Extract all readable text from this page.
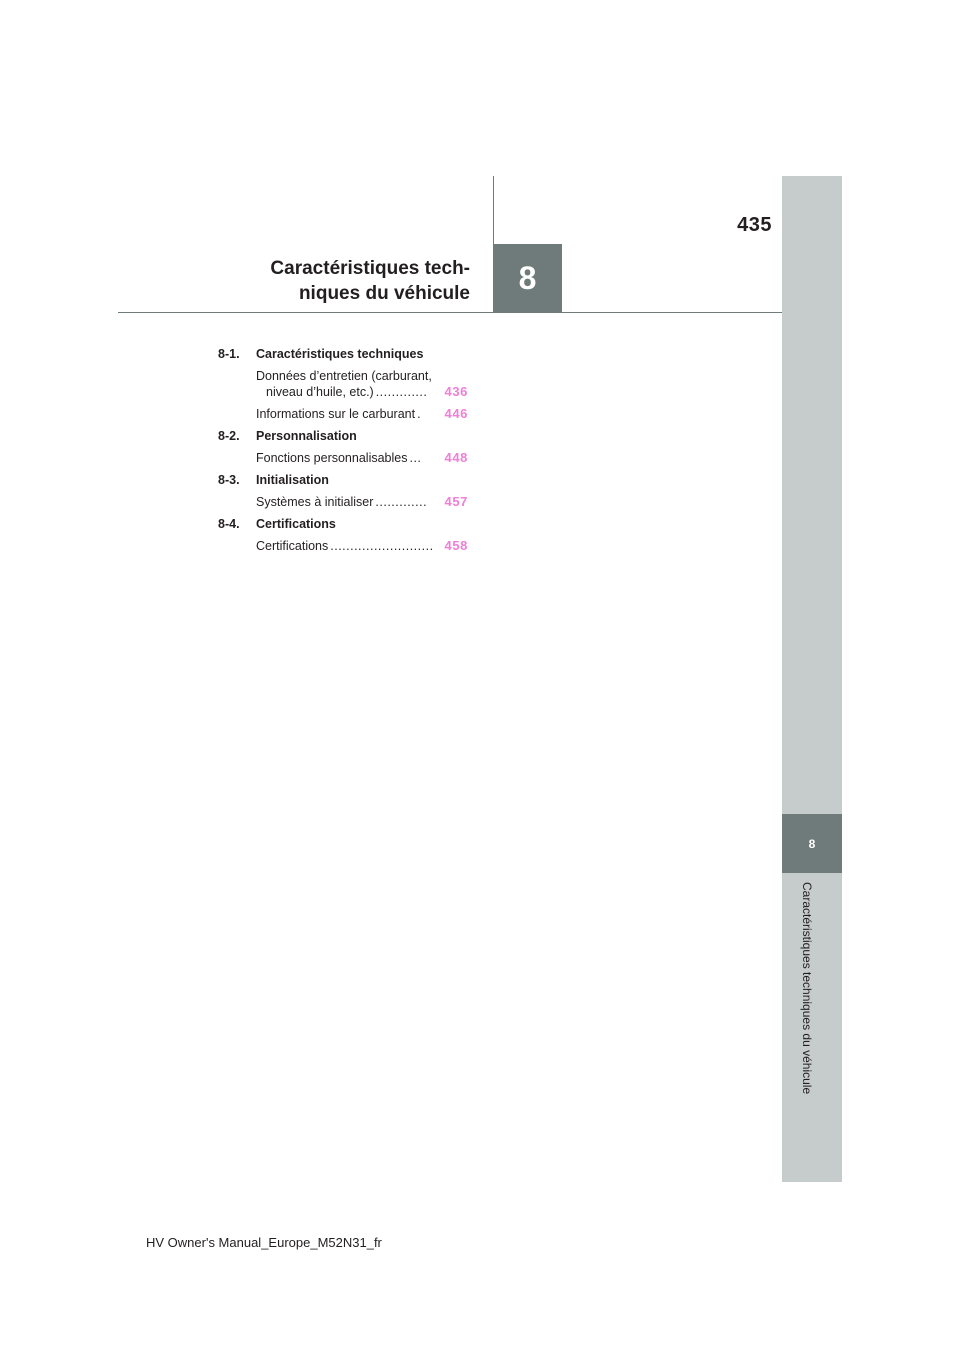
8
Caractéristiques techniques du véhicule
435
Caractéristiques tech-
niques du véhicule	8
8-1.	Caractéristiques techniques
Données d’entretien (carburant,
niveau d’huile, etc.) .............	436
Informations sur le carburant .	446
8-2.	Personnalisation
Fonctions personnalisables ...	448
8-3.	Initialisation
Systèmes à initialiser .............	457
8-4.	Certifications
Certifications .......................... 458
HV Owner's Manual_Europe_M52N31_fr
